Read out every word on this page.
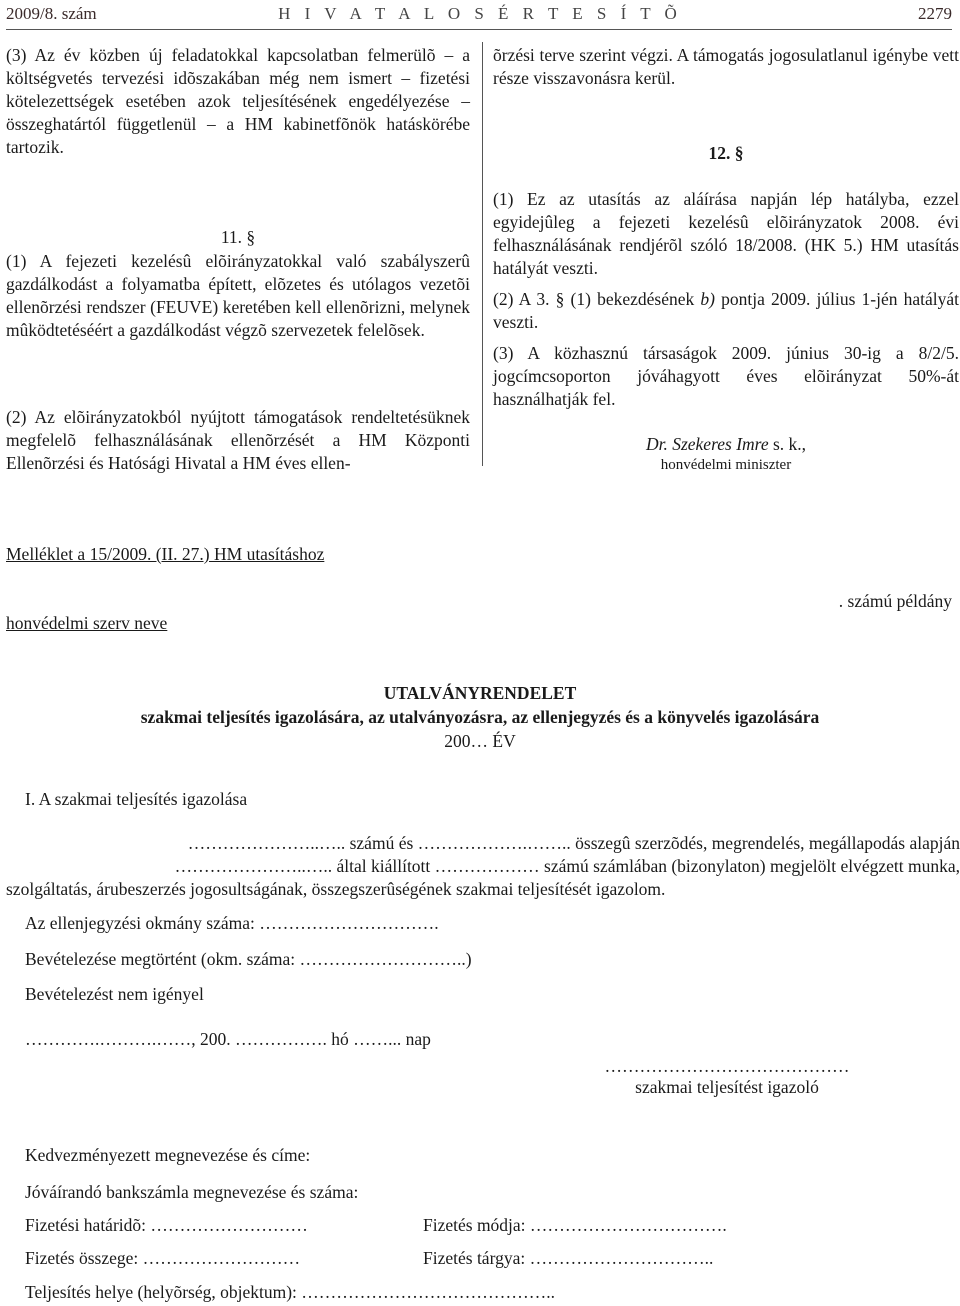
2009/8. szám	H I V A T A L O S É R T E S Í T Õ	2279

(3) Az év közben új feladatokkal kapcsolatban felmerülõ – a költségvetés tervezési idõszakában még nem ismert – fizetési kötelezettségek esetében azok teljesítésének engedélyezése – összeghatártól függetlenül – a HM kabinetfõnök hatáskörébe tartozik.

11. §

(1) A fejezeti kezelésû elõirányzatokkal való szabályszerû gazdálkodást a folyamatba épített, elõzetes és utólagos vezetõi ellenõrzési rendszer (FEUVE) keretében kell ellenõrizni, melynek mûködtetéséért a gazdálkodást végzõ szervezetek felelõsek.

(2) Az elõirányzatokból nyújtott támogatások rendeltetésüknek megfelelõ felhasználásának ellenõrzését a HM Központi Ellenõrzési és Hatósági Hivatal a HM éves ellen-

õrzési terve szerint végzi. A támogatás jogosulatlanul igénybe vett része visszavonásra kerül.

12. §

(1) Ez az utasítás az aláírása napján lép hatályba, ezzel egyidejûleg a fejezeti kezelésû elõirányzatok 2008. évi felhasználásának rendjérõl szóló 18/2008. (HK 5.) HM utasítás hatályát veszti.

(2) A 3. § (1) bekezdésének b) pontja 2009. július 1-jén hatályát veszti.

(3) A közhasznú társaságok 2009. június 30-ig a 8/2/5. jogcímcsoporton jóváhagyott éves elõirányzat 50%-át használhatják fel.

Dr. Szekeres Imre s. k.,
honvédelmi miniszter
Melléklet a 15/2009. (II. 27.) HM utasításhoz
honvédelmi szerv neve
. számú példány
UTALVÁNYRENDELET
szakmai teljesítés igazolására, az utalványozásra, az ellenjegyzés és a könyvelés igazolására
200… ÉV
I. A szakmai teljesítés igazolása
…………………..….. számú és ……………….…….. összegû szerzõdés, megrendelés, megállapodás alapján
…………………..….. által kiállított ……………… számú számlában (bizonylaton) megjelölt elvégzett munka,
szolgáltatás, árubeszerzés jogosultságának, összegszerûségének szakmai teljesítését igazolom.
Az ellenjegyzési okmány száma: ………………………….
Bevételezése megtörtént (okm. száma: ………………………..)
Bevételezést nem igényel
………….……….……, 200. ……………. hó ……... nap
……………………………………
szakmai teljesítést igazoló
Kedvezményezett megnevezése és címe:
Jóváírandó bankszámla megnevezése és száma:
Fizetési határidõ: ………………………	Fizetés módja: …………………………….
Fizetés összege: ………………………	Fizetés tárgya: …………………………..
Teljesítés helye (helyõrség, objektum): ……………………………………..
